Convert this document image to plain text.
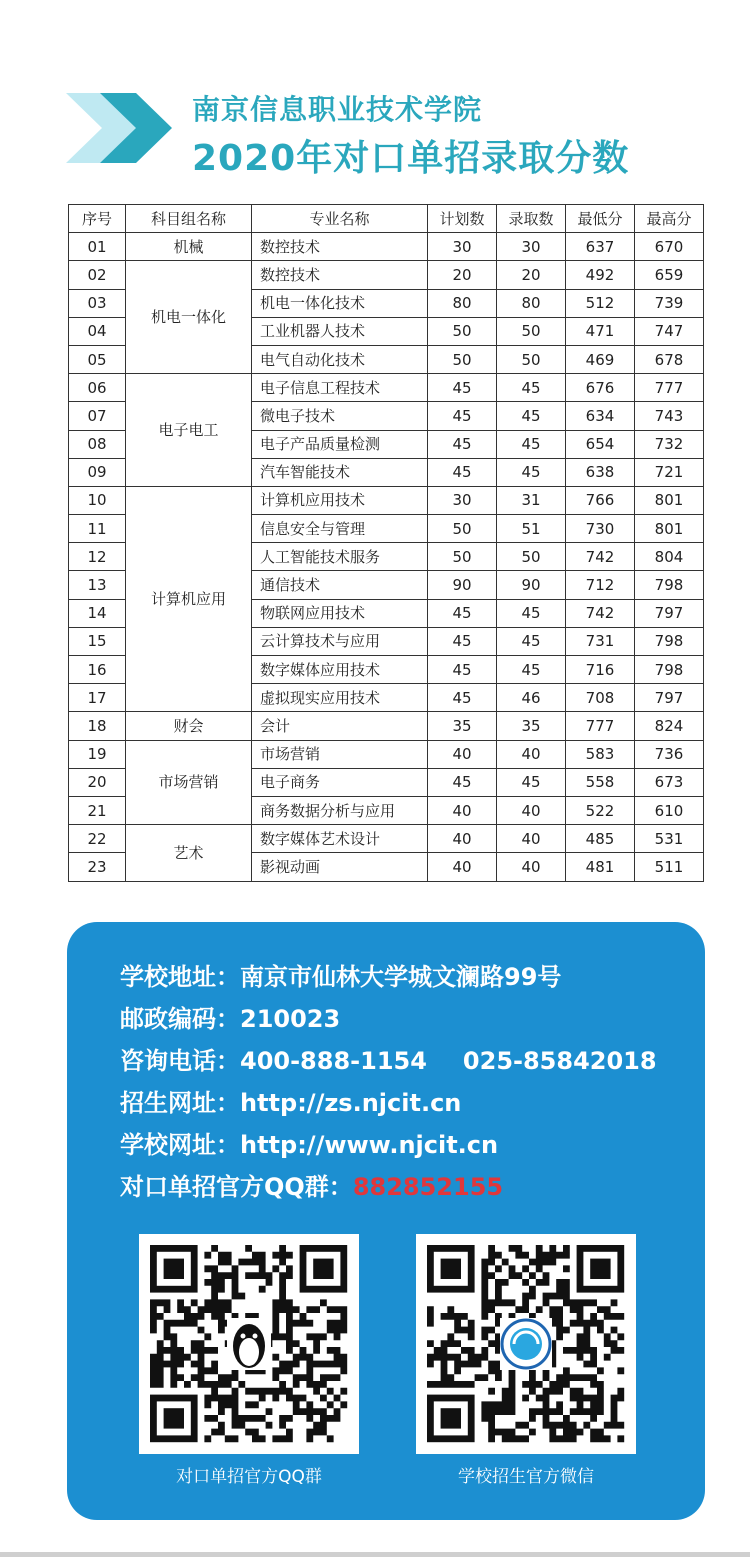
南京信息职业技术学院
2020年对口单招录取分数
序号	科目组名称	专业名称	计划数	录取数	最低分	最高分
01	机械	数控技术	30	30	637	670
02	机电一体化	数控技术	20	20	492	659
03		机电一体化技术	80	80	512	739
04		工业机器人技术	50	50	471	747
05		电气自动化技术	50	50	469	678
06	电子电工	电子信息工程技术	45	45	676	777
07		微电子技术	45	45	634	743
08		电子产品质量检测	45	45	654	732
09		汽车智能技术	45	45	638	721
10	计算机应用	计算机应用技术	30	31	766	801
11		信息安全与管理	50	51	730	801
12		人工智能技术服务	50	50	742	804
13		通信技术	90	90	712	798
14		物联网应用技术	45	45	742	797
15		云计算技术与应用	45	45	731	798
16		数字媒体应用技术	45	45	716	798
17		虚拟现实应用技术	45	46	708	797
18	财会	会计	35	35	777	824
19	市场营销	市场营销	40	40	583	736
20		电子商务	45	45	558	673
21		商务数据分析与应用	40	40	522	610
22	艺术	数字媒体艺术设计	40	40	485	531
23		影视动画	40	40	481	511
学校地址：南京市仙林大学城文澜路99号
邮政编码：210023
咨询电话：400-888-1154 025-85842018
招生网址：http://zs.njcit.cn
学校网址：http://www.njcit.cn
对口单招官方QQ群：882852155
对口单招官方QQ群	学校招生官方微信
